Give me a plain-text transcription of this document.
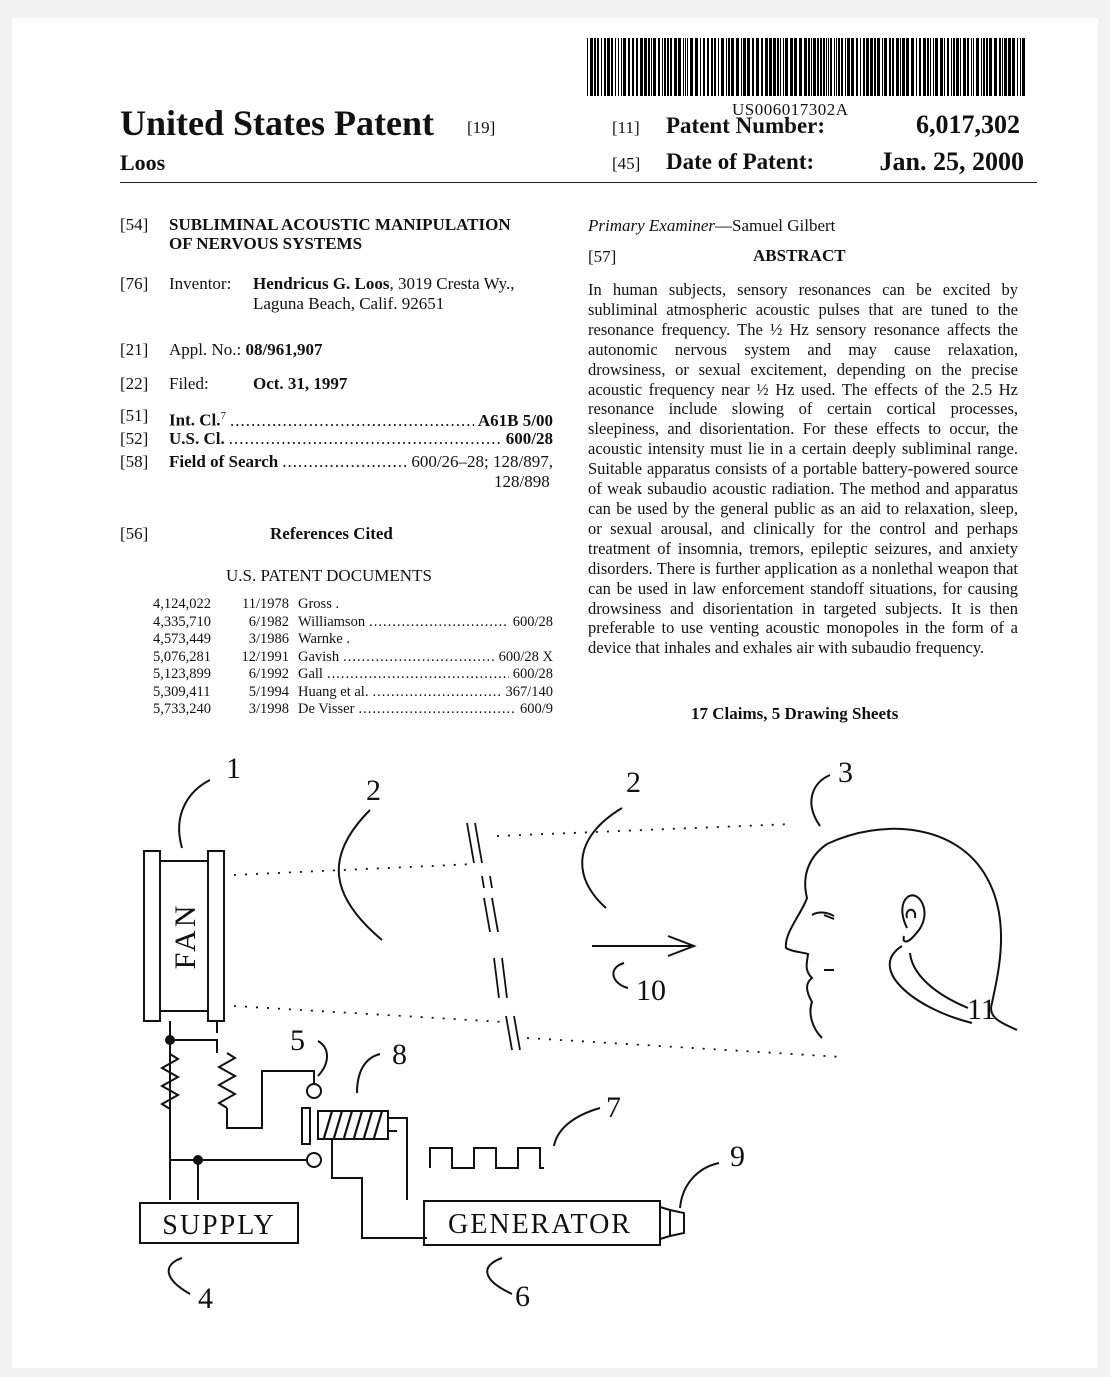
US006017302A
United States Patent [19]
Loos
[11] Patent Number:	6,017,302
[45] Date of Patent:	Jan. 25, 2000
[54] SUBLIMINAL ACOUSTIC MANIPULATION
OF NERVOUS SYSTEMS
[76] Inventor: Hendricus G. Loos, 3019 Cresta Wy.,
Laguna Beach, Calif. 92651
[21] Appl. No.: 08/961,907
[22] Filed:	Oct. 31, 1997
[51] Int. Cl.$^7$ .....	A61B 5/00
[52] U.S. Cl. .....	600/28
[58] Field of Search .....	600/26–28; 128/897,
128/898
[56]	References Cited
U.S. PATENT DOCUMENTS
4,124,022	11/1978 Gross .
4,335,710	6/1982 Williamson .....	600/28
4,573,449	3/1986 Warnke .
5,076,281	12/1991 Gavish .....	600/28 X
5,123,899	6/1992 Gall .....	600/28
5,309,411	5/1994 Huang et al. .....	367/140
5,733,240	3/1998 De Visser .....	600/9
Primary Examiner—Samuel Gilbert
[57]	ABSTRACT
In human subjects, sensory resonances can be excited by subliminal atmospheric acoustic pulses that are tuned to the resonance frequency. The ½ Hz sensory resonance affects the autonomic nervous system and may cause relaxation, drowsiness, or sexual excitement, depending on the precise acoustic frequency near ½ Hz used. The effects of the 2.5 Hz resonance include slowing of certain cortical processes, sleepiness, and disorientation. For these effects to occur, the acoustic intensity must lie in a certain deeply subliminal range. Suitable apparatus consists of a portable battery-powered source of weak subaudio acoustic radiation. The method and apparatus can be used by the general public as an aid to relaxation, sleep, or sexual arousal, and clinically for the control and perhaps treatment of insomnia, tremors, epileptic seizures, and anxiety disorders. There is further application as a nonlethal weapon that can be used in law enforcement standoff situations, for causing drowsiness and disorientation in targeted subjects. It is then preferable to use venting acoustic monopoles in the form of a device that inhales and exhales air with subaudio frequency.
17 Claims, 5 Drawing Sheets
FAN
SUPPLY	GENERATOR
1
2	2	3
4
5
6
7
8
9
10
11
